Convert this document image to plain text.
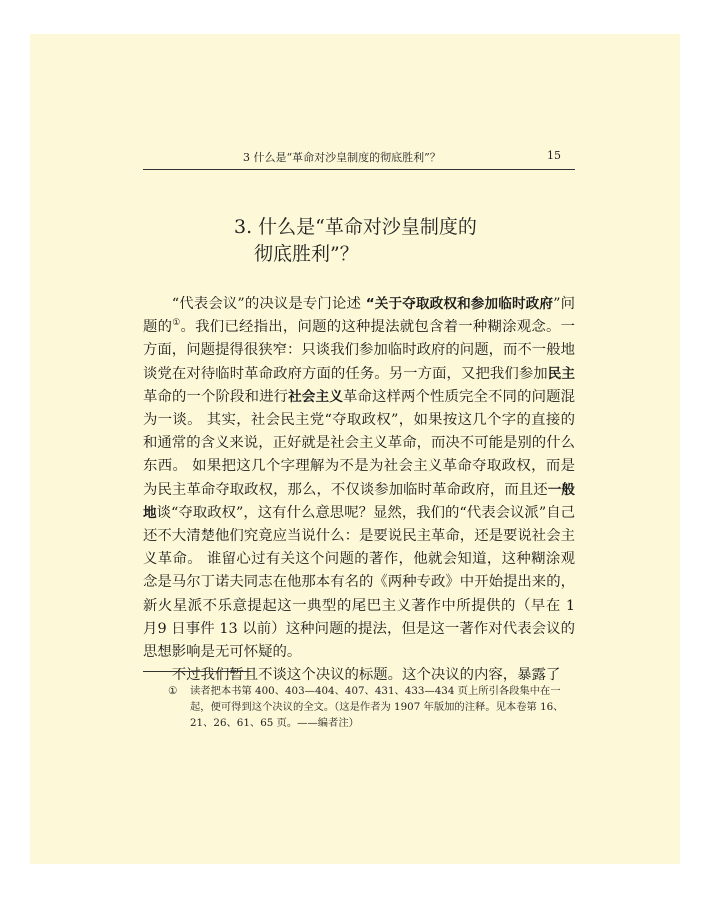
3 什么是“革命对沙皇制度的彻底胜利”？	15
3. 什么是“革命对沙皇制度的
彻底胜利”？

“代表会议”的决议是专门论述 “关于夺取政权和参加临时政府”问题的①。我们已经指出，问题的这种提法就包含着一种糊涂观念。一方面，问题提得很狭窄：只谈我们参加临时政府的问题，而不一般地谈党在对待临时革命政府方面的任务。另一方面，又把我们参加民主革命的一个阶段和进行社会主义革命这样两个性质完全不同的问题混为一谈。 其实，社会民主党“夺取政权”，如果按这几个字的直接的和通常的含义来说，正好就是社会主义革命，而决不可能是别的什么东西。 如果把这几个字理解为不是为社会主义革命夺取政权，而是为民主革命夺取政权，那么，不仅谈参加临时革命政府，而且还一般地谈“夺取政权”，这有什么意思呢？显然，我们的“代表会议派”自己还不大清楚他们究竟应当说什么：是要说民主革命，还是要说社会主义革命。 谁留心过有关这个问题的著作，他就会知道，这种糊涂观念是马尔丁诺夫同志在他那本有名的《两种专政》中开始提出来的，新火星派不乐意提起这一典型的尾巴主义著作中所提供的（早在 1 月9 日事件 13 以前）这种问题的提法，但是这一著作对代表会议的思想影响是无可怀疑的。

不过我们暂且不谈这个决议的标题。这个决议的内容，暴露了

①	读者把本书第 400、403—404、407、431、433—434 页上所引各段集中在一起，便可得到这个决议的全文。（这是作者为 1907 年版加的注释。见本卷第 16、21、26、61、65 页。——编者注）
